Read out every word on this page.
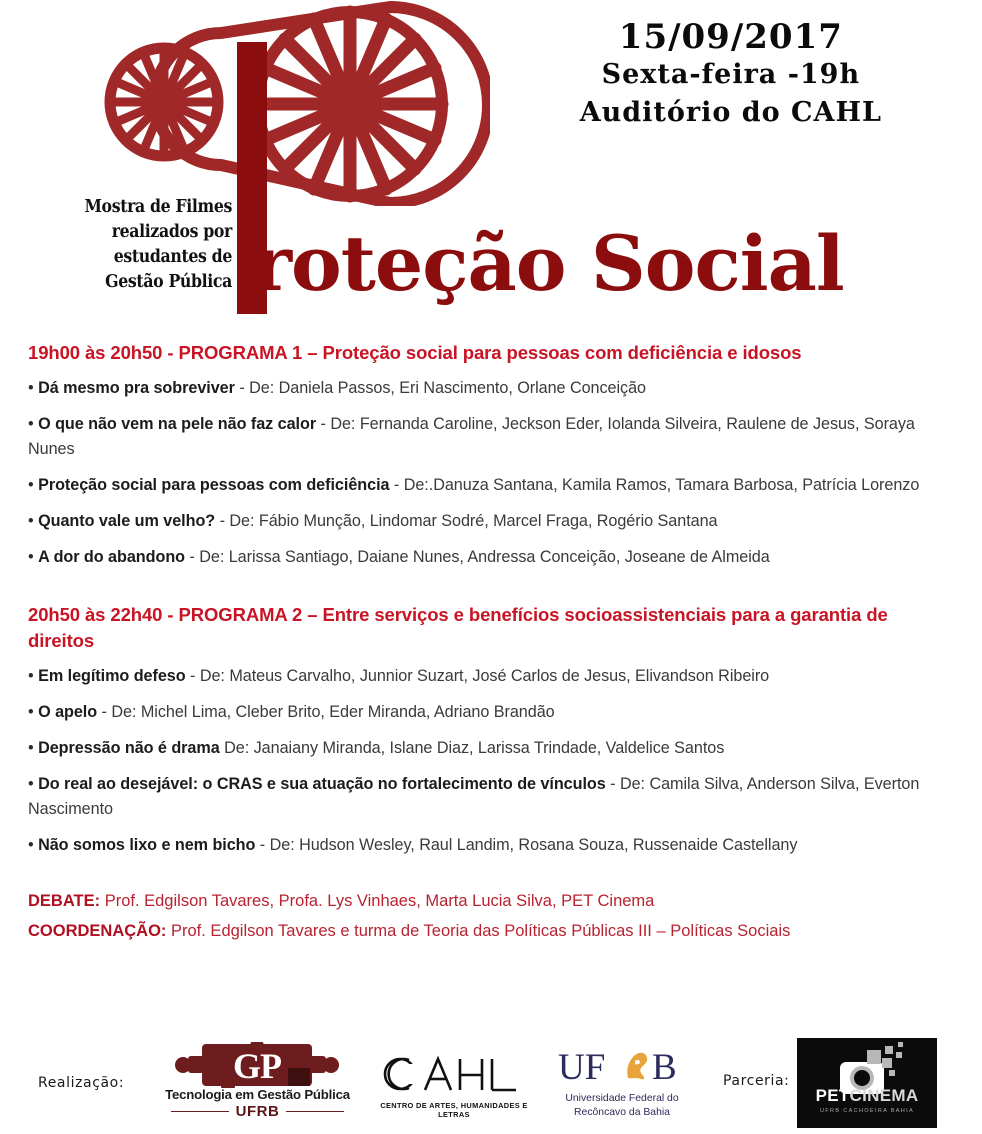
Mostra de Filmes
realizados por
estudantes de
Gestão Pública
15/09/2017
Sexta-feira -19h
Auditório do CAHL
roteção Social
19h00 às 20h50 - PROGRAMA 1 – Proteção social para pessoas com deficiência e idosos
• Dá mesmo pra sobreviver - De: Daniela Passos, Eri Nascimento, Orlane Conceição
• O que não vem na pele não faz calor - De: Fernanda Caroline, Jeckson Eder, Iolanda Silveira, Raulene de Jesus, Soraya Nunes
• Proteção social para pessoas com deficiência - De:.Danuza Santana, Kamila Ramos, Tamara Barbosa, Patrícia Lorenzo
• Quanto vale um velho? - De: Fábio Munção, Lindomar Sodré, Marcel Fraga, Rogério Santana
• A dor do abandono - De: Larissa Santiago, Daiane Nunes, Andressa Conceição, Joseane de Almeida
20h50 às 22h40 - PROGRAMA 2 – Entre serviços e benefícios socioassistenciais para a garantia de direitos
• Em legítimo defeso - De: Mateus Carvalho, Junnior Suzart, José Carlos de Jesus, Elivandson Ribeiro
• O apelo - De: Michel Lima, Cleber Brito, Eder Miranda, Adriano Brandão
• Depressão não é drama De: Janaiany Miranda, Islane Diaz, Larissa Trindade, Valdelice Santos
• Do real ao desejável: o CRAS e sua atuação no fortalecimento de vínculos - De: Camila Silva, Anderson Silva, Everton Nascimento
• Não somos lixo e nem bicho - De: Hudson Wesley, Raul Landim, Rosana Souza, Russenaide Castellany
DEBATE: Prof. Edgilson Tavares, Profa. Lys Vinhaes, Marta Lucia Silva, PET Cinema
COORDENAÇÃO: Prof. Edgilson Tavares e turma de Teoria das Políticas Públicas III – Políticas Sociais
Realização:	GP
Tecnologia em Gestão Pública
UFRB	CENTRO DE ARTES, HUMANIDADES E LETRAS
UF B
Universidade Federal do
Recôncavo da Bahia
Parceria:
PETCINEMA
UFRB CACHOEIRA BAHIA
